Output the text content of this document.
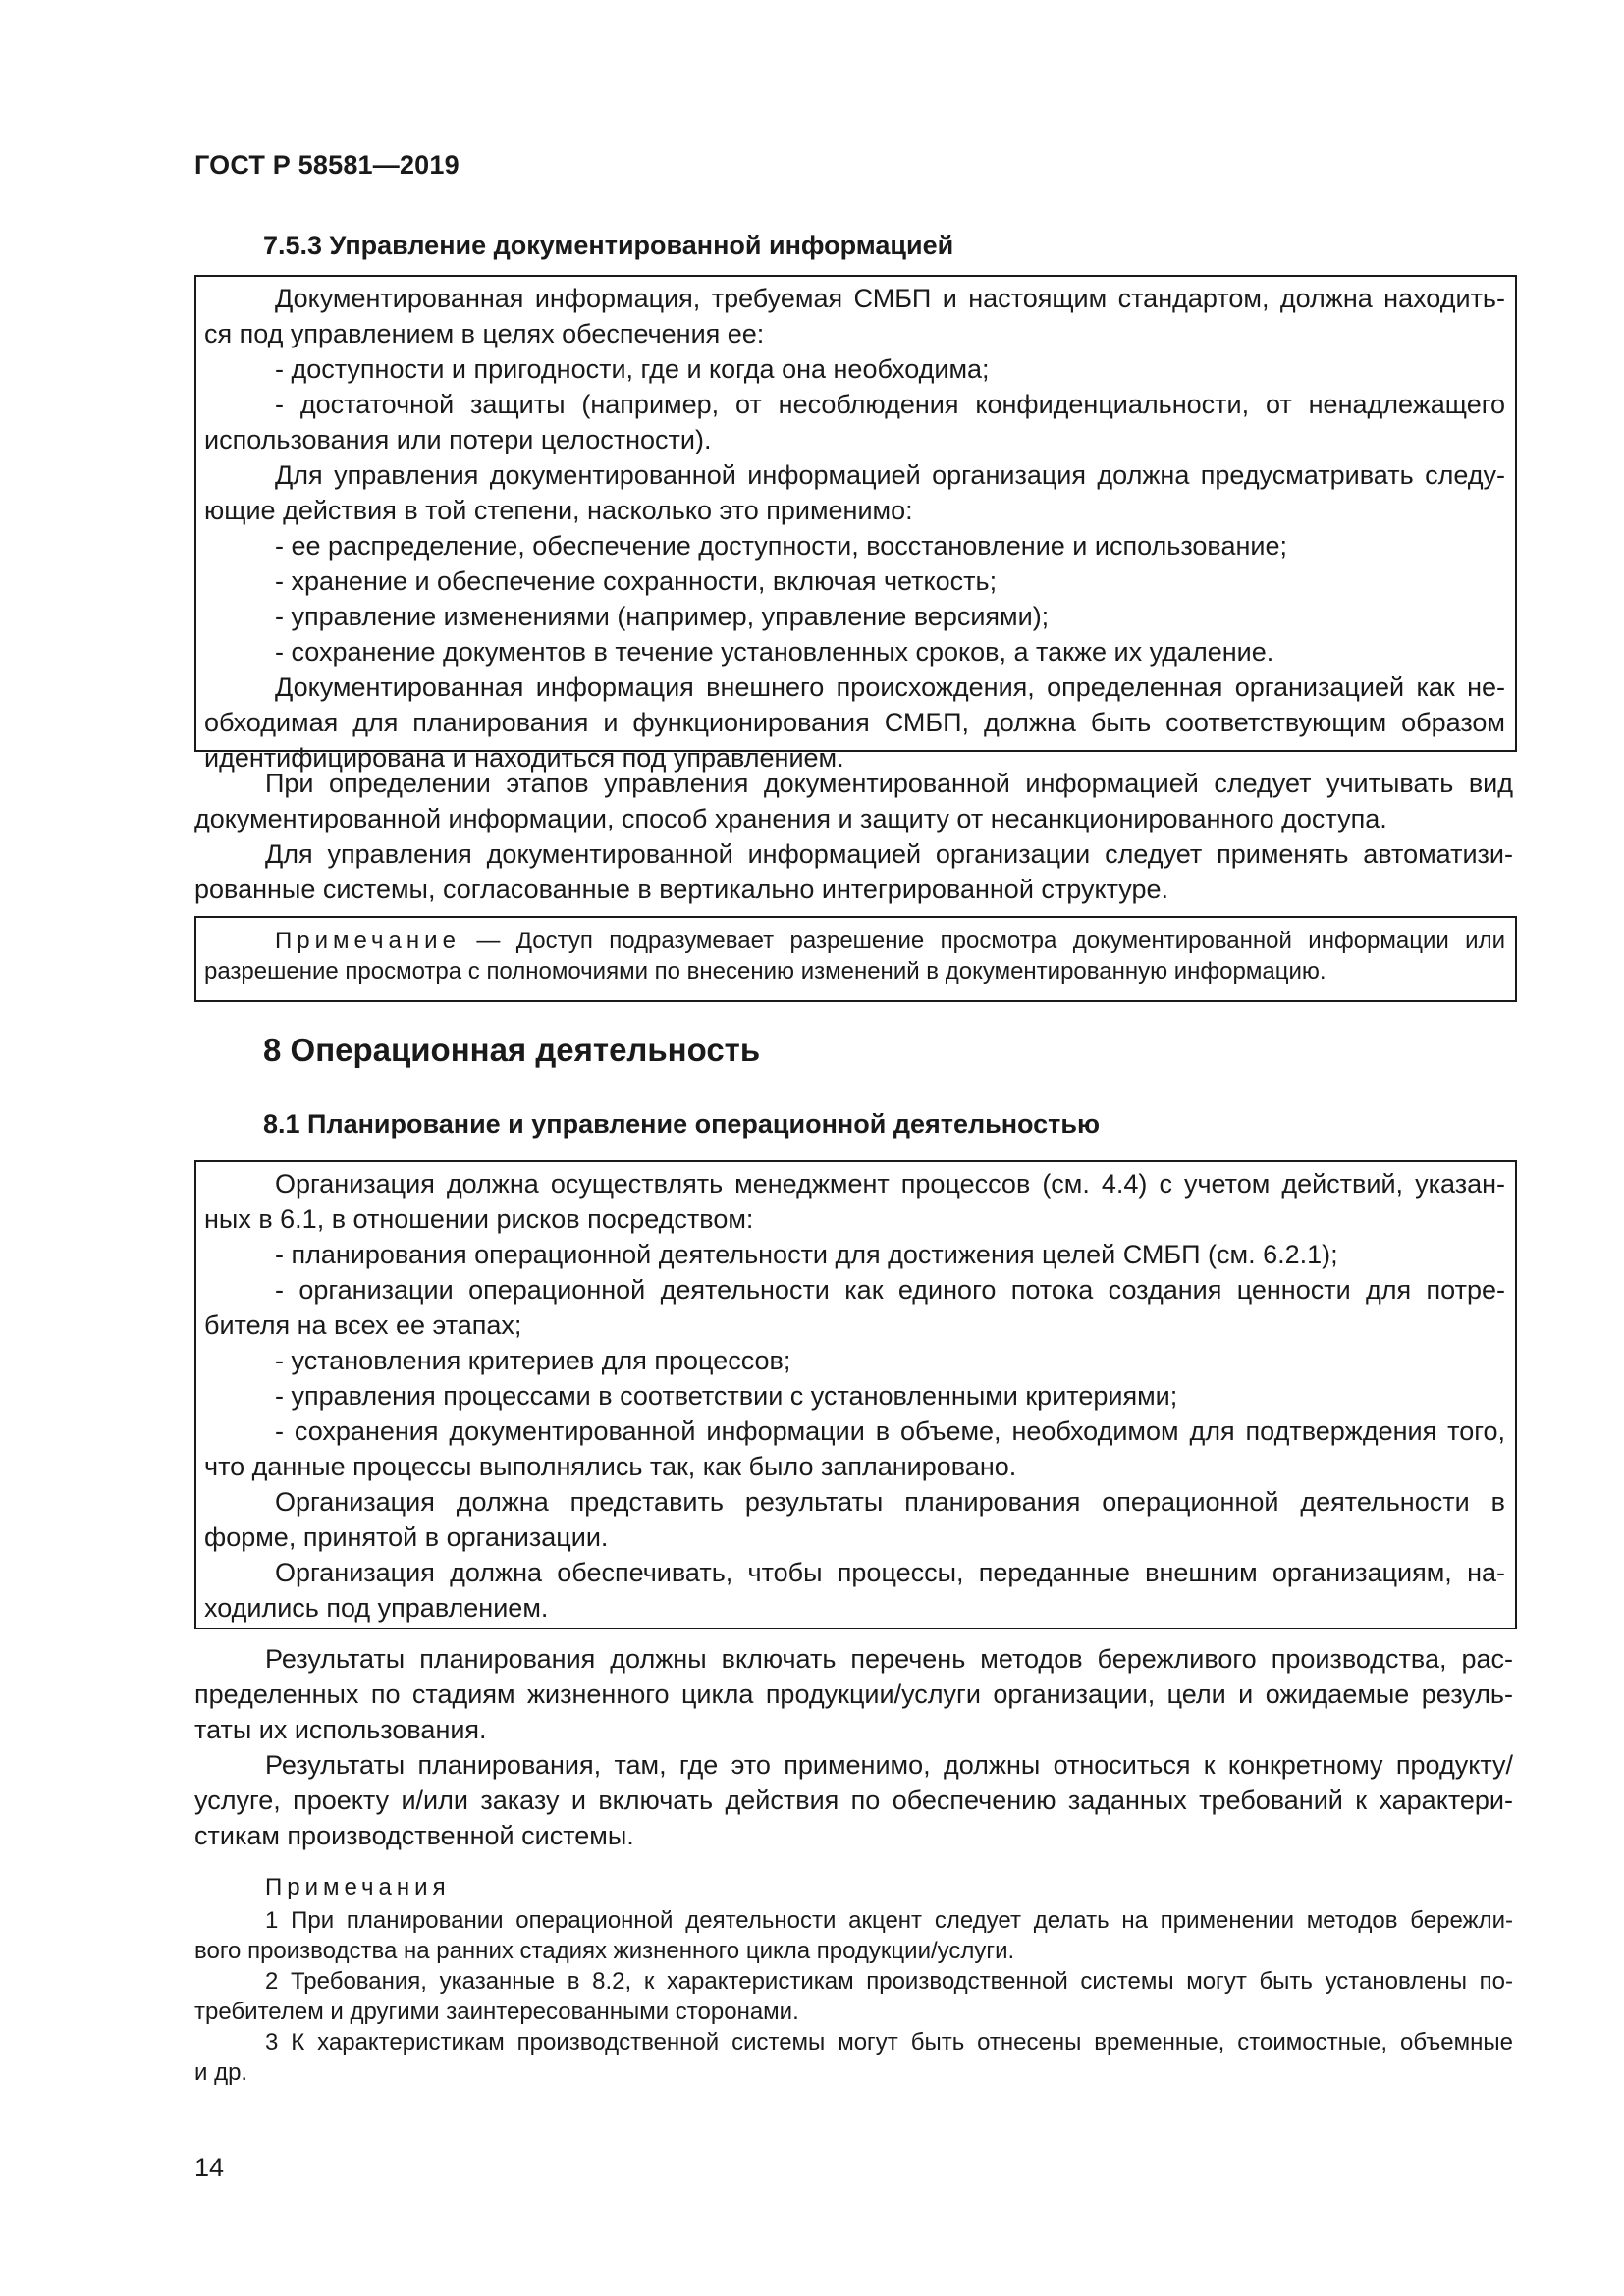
ГОСТ Р 58581—2019
7.5.3 Управление документированной информацией

Документированная информация, требуемая СМБП и настоящим стандартом, должна находить-

ся под управлением в целях обеспечения ее:

- доступности и пригодности, где и когда она необходима;

- достаточной защиты (например, от несоблюдения конфиденциальности, от ненадлежащего

использования или потери целостности).

Для управления документированной информацией организация должна предусматривать следу-

ющие действия в той степени, насколько это применимо:

- ее распределение, обеспечение доступности, восстановление и использование;

- хранение и обеспечение сохранности, включая четкость;

- управление изменениями (например, управление версиями);

- сохранение документов в течение установленных сроков, а также их удаление.

Документированная информация внешнего происхождения, определенная организацией как не-

обходимая для планирования и функционирования СМБП, должна быть соответствующим образом

идентифицирована и находиться под управлением.

При определении этапов управления документированной информацией следует учитывать вид

документированной информации, способ хранения и защиту от несанкционированного доступа.

Для управления документированной информацией организации следует применять автоматизи-

рованные системы, согласованные в вертикально интегрированной структуре.

Примечание — Доступ подразумевает разрешение просмотра документированной информации или

разрешение просмотра с полномочиями по внесению изменений в документированную информацию.

8 Операционная деятельность
8.1 Планирование и управление операционной деятельностью

Организация должна осуществлять менеджмент процессов (см. 4.4) с учетом действий, указан-

ных в 6.1, в отношении рисков посредством:

- планирования операционной деятельности для достижения целей СМБП (см. 6.2.1);

- организации операционной деятельности как единого потока создания ценности для потре-

бителя на всех ее этапах;

- установления критериев для процессов;

- управления процессами в соответствии с установленными критериями;

- сохранения документированной информации в объеме, необходимом для подтверждения того,

что данные процессы выполнялись так, как было запланировано.

Организация должна представить результаты планирования операционной деятельности в

форме, принятой в организации.

Организация должна обеспечивать, чтобы процессы, переданные внешним организациям, на-

ходились под управлением.

Результаты планирования должны включать перечень методов бережливого производства, рас-

пределенных по стадиям жизненного цикла продукции/услуги организации, цели и ожидаемые резуль-

таты их использования.

Результаты планирования, там, где это применимо, должны относиться к конкретному продукту/

услуге, проекту и/или заказу и включать действия по обеспечению заданных требований к характери-

стикам производственной системы.

Примечания

1 При планировании операционной деятельности акцент следует делать на применении методов бережли-

вого производства на ранних стадиях жизненного цикла продукции/услуги.

2 Требования, указанные в 8.2, к характеристикам производственной системы могут быть установлены по-

требителем и другими заинтересованными сторонами.

3 К характеристикам производственной системы могут быть отнесены временные, стоимостные, объемные

и др.

14
